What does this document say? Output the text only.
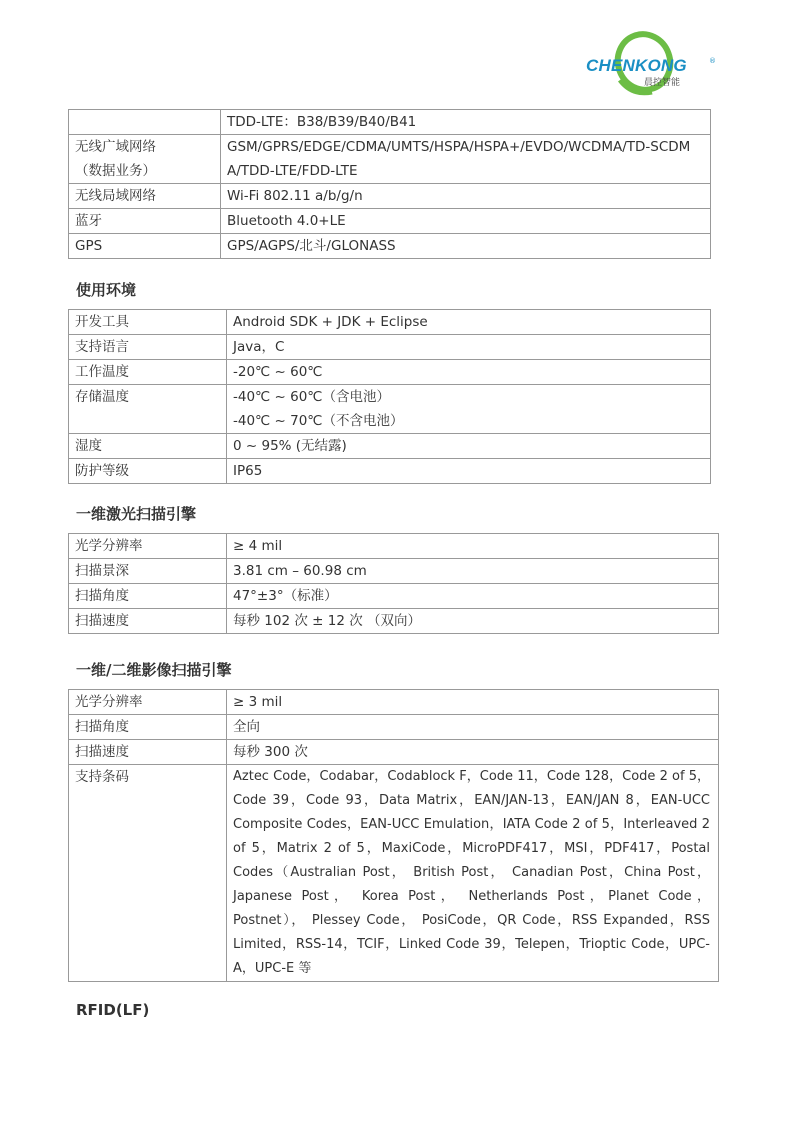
CHENKONG	®
晨控智能
	TDD-LTE：B38/B39/B40/B41

无线广域网络
（数据业务）	GSM/GPRS/EDGE/CDMA/UMTS/HSPA/HSPA+/EVDO/WCDMA/TD-SCDMA/TDD-LTE/FDD-LTE
无线局域网络	Wi-Fi 802.11 a/b/g/n
蓝牙	Bluetooth 4.0+LE
GPS	GPS/AGPS/北斗/GLONASS
使用环境
开发工具	Android SDK + JDK + Eclipse
支持语言	Java，C
工作温度	-20℃ ~ 60℃
存储温度	-40℃ ~ 60℃（含电池）
-40℃ ~ 70℃（不含电池）

湿度	0 ~ 95% (无结露)
防护等级	IP65
一维激光扫描引擎
光学分辨率	≥ 4 mil
扫描景深	3.81 cm – 60.98 cm
扫描角度	47°±3°（标准）
扫描速度	每秒 102 次 ± 12 次 （双向）
一维/二维影像扫描引擎
光学分辨率	≥ 3 mil
扫描角度	全向
扫描速度	每秒 300 次
支持条码	Aztec Code，Codabar，Codablock F，Code 11，Code 128，Code 2 of 5，Code 39，Code 93，Data Matrix，EAN/JAN-13，EAN/JAN 8，EAN-UCC Composite Codes，EAN-UCC Emulation，IATA Code 2 of 5，Interleaved 2 of 5，Matrix 2 of 5，MaxiCode，MicroPDF417，MSI，PDF417，Postal Codes（Australian Post， British Post， Canadian Post，China Post，Japanese Post， Korea Post， Netherlands Post，Planet Code， Postnet）， Plessey Code， PosiCode，QR Code，RSS Expanded，RSS Limited，RSS-14，TCIF，Linked Code 39，Telepen，Trioptic Code，UPC-A，UPC-E 等
RFID(LF)
